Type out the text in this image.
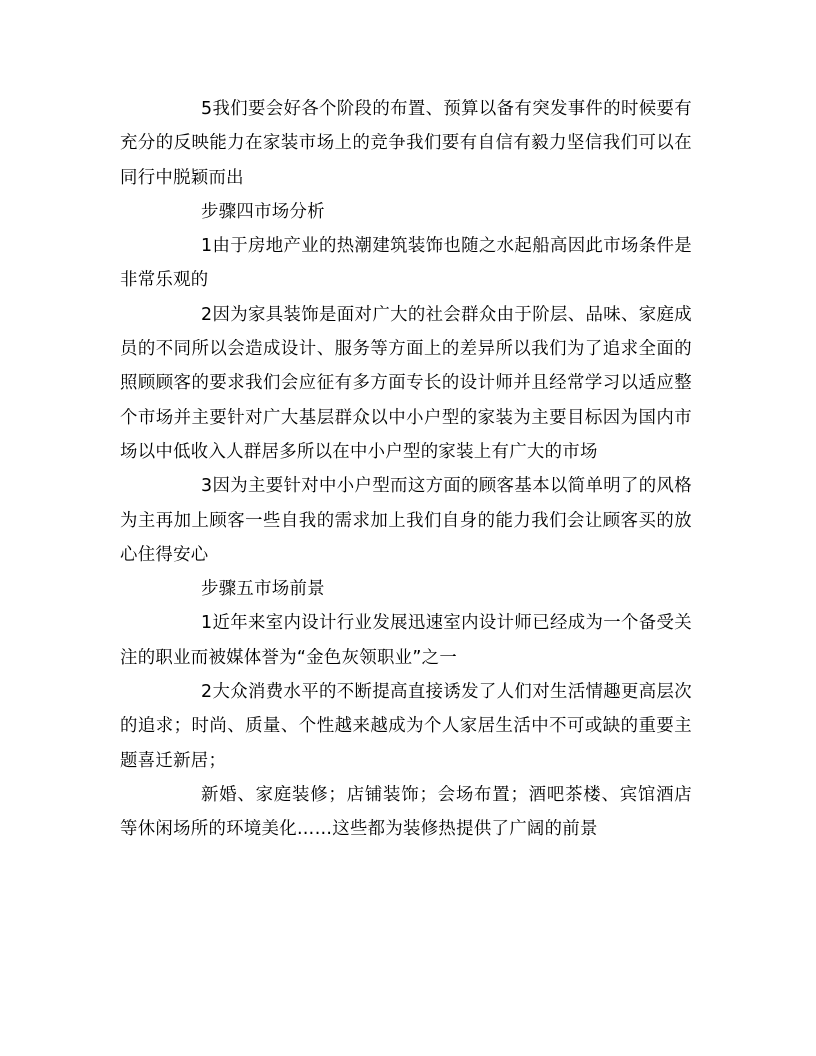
5我们要会好各个阶段的布置、预算以备有突发事件的时候要有充分的反映能力在家装市场上的竞争我们要有自信有毅力坚信我们可以在同行中脱颖而出

步骤四市场分析

1由于房地产业的热潮建筑装饰也随之水起船高因此市场条件是非常乐观的

2因为家具装饰是面对广大的社会群众由于阶层、品味、家庭成员的不同所以会造成设计、服务等方面上的差异所以我们为了追求全面的照顾顾客的要求我们会应征有多方面专长的设计师并且经常学习以适应整个市场并主要针对广大基层群众以中小户型的家装为主要目标因为国内市场以中低收入人群居多所以在中小户型的家装上有广大的市场

3因为主要针对中小户型而这方面的顾客基本以简单明了的风格为主再加上顾客一些自我的需求加上我们自身的能力我们会让顾客买的放心住得安心

步骤五市场前景

1近年来室内设计行业发展迅速室内设计师已经成为一个备受关注的职业而被媒体誉为“金色灰领职业”之一

2大众消费水平的不断提高直接诱发了人们对生活情趣更高层次的追求；时尚、质量、个性越来越成为个人家居生活中不可或缺的重要主题喜迁新居；

新婚、家庭装修；店铺装饰；会场布置；酒吧茶楼、宾馆酒店等休闲场所的环境美化……这些都为装修热提供了广阔的前景
